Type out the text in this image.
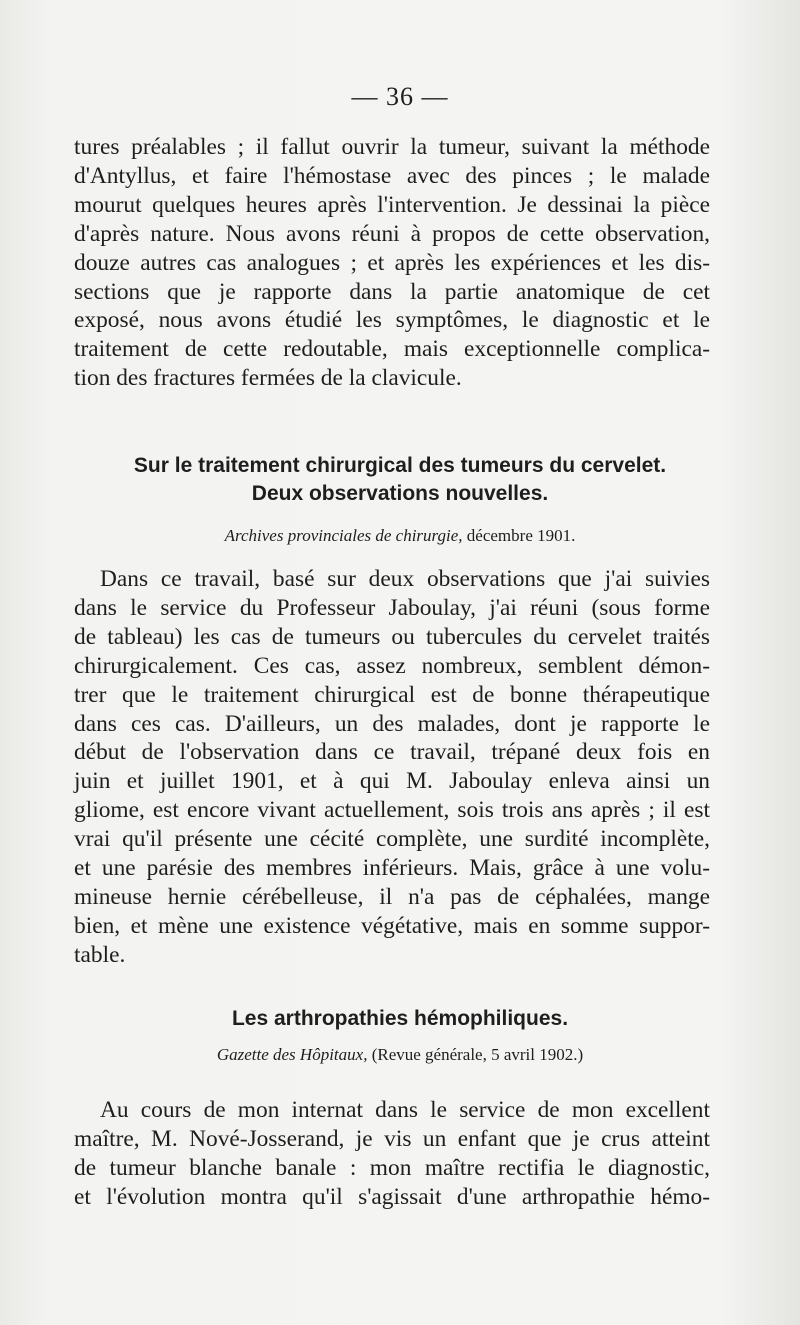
— 36 —
tures préalables ; il fallut ouvrir la tumeur, suivant la méthode
d'Antyllus, et faire l'hémostase avec des pinces ; le malade
mourut quelques heures après l'intervention. Je dessinai la pièce
d'après nature. Nous avons réuni à propos de cette observation,
douze autres cas analogues ; et après les expériences et les dis-
sections que je rapporte dans la partie anatomique de cet
exposé, nous avons étudié les symptômes, le diagnostic et le
traitement de cette redoutable, mais exceptionnelle complica-
tion des fractures fermées de la clavicule.
Sur le traitement chirurgical des tumeurs du cervelet.
Deux observations nouvelles.
Archives provinciales de chirurgie, décembre 1901.
Dans ce travail, basé sur deux observations que j'ai suivies
dans le service du Professeur Jaboulay, j'ai réuni (sous forme
de tableau) les cas de tumeurs ou tubercules du cervelet traités
chirurgicalement. Ces cas, assez nombreux, semblent démon-
trer que le traitement chirurgical est de bonne thérapeutique
dans ces cas. D'ailleurs, un des malades, dont je rapporte le
début de l'observation dans ce travail, trépané deux fois en
juin et juillet 1901, et à qui M. Jaboulay enleva ainsi un
gliome, est encore vivant actuellement, sois trois ans après ; il est
vrai qu'il présente une cécité complète, une surdité incomplète,
et une parésie des membres inférieurs. Mais, grâce à une volu-
mineuse hernie cérébelleuse, il n'a pas de céphalées, mange
bien, et mène une existence végétative, mais en somme suppor-
table.
Les arthropathies hémophiliques.
Gazette des Hôpitaux, (Revue générale, 5 avril 1902.)
Au cours de mon internat dans le service de mon excellent
maître, M. Nové-Josserand, je vis un enfant que je crus atteint
de tumeur blanche banale : mon maître rectifia le diagnostic,
et l'évolution montra qu'il s'agissait d'une arthropathie hémo-
